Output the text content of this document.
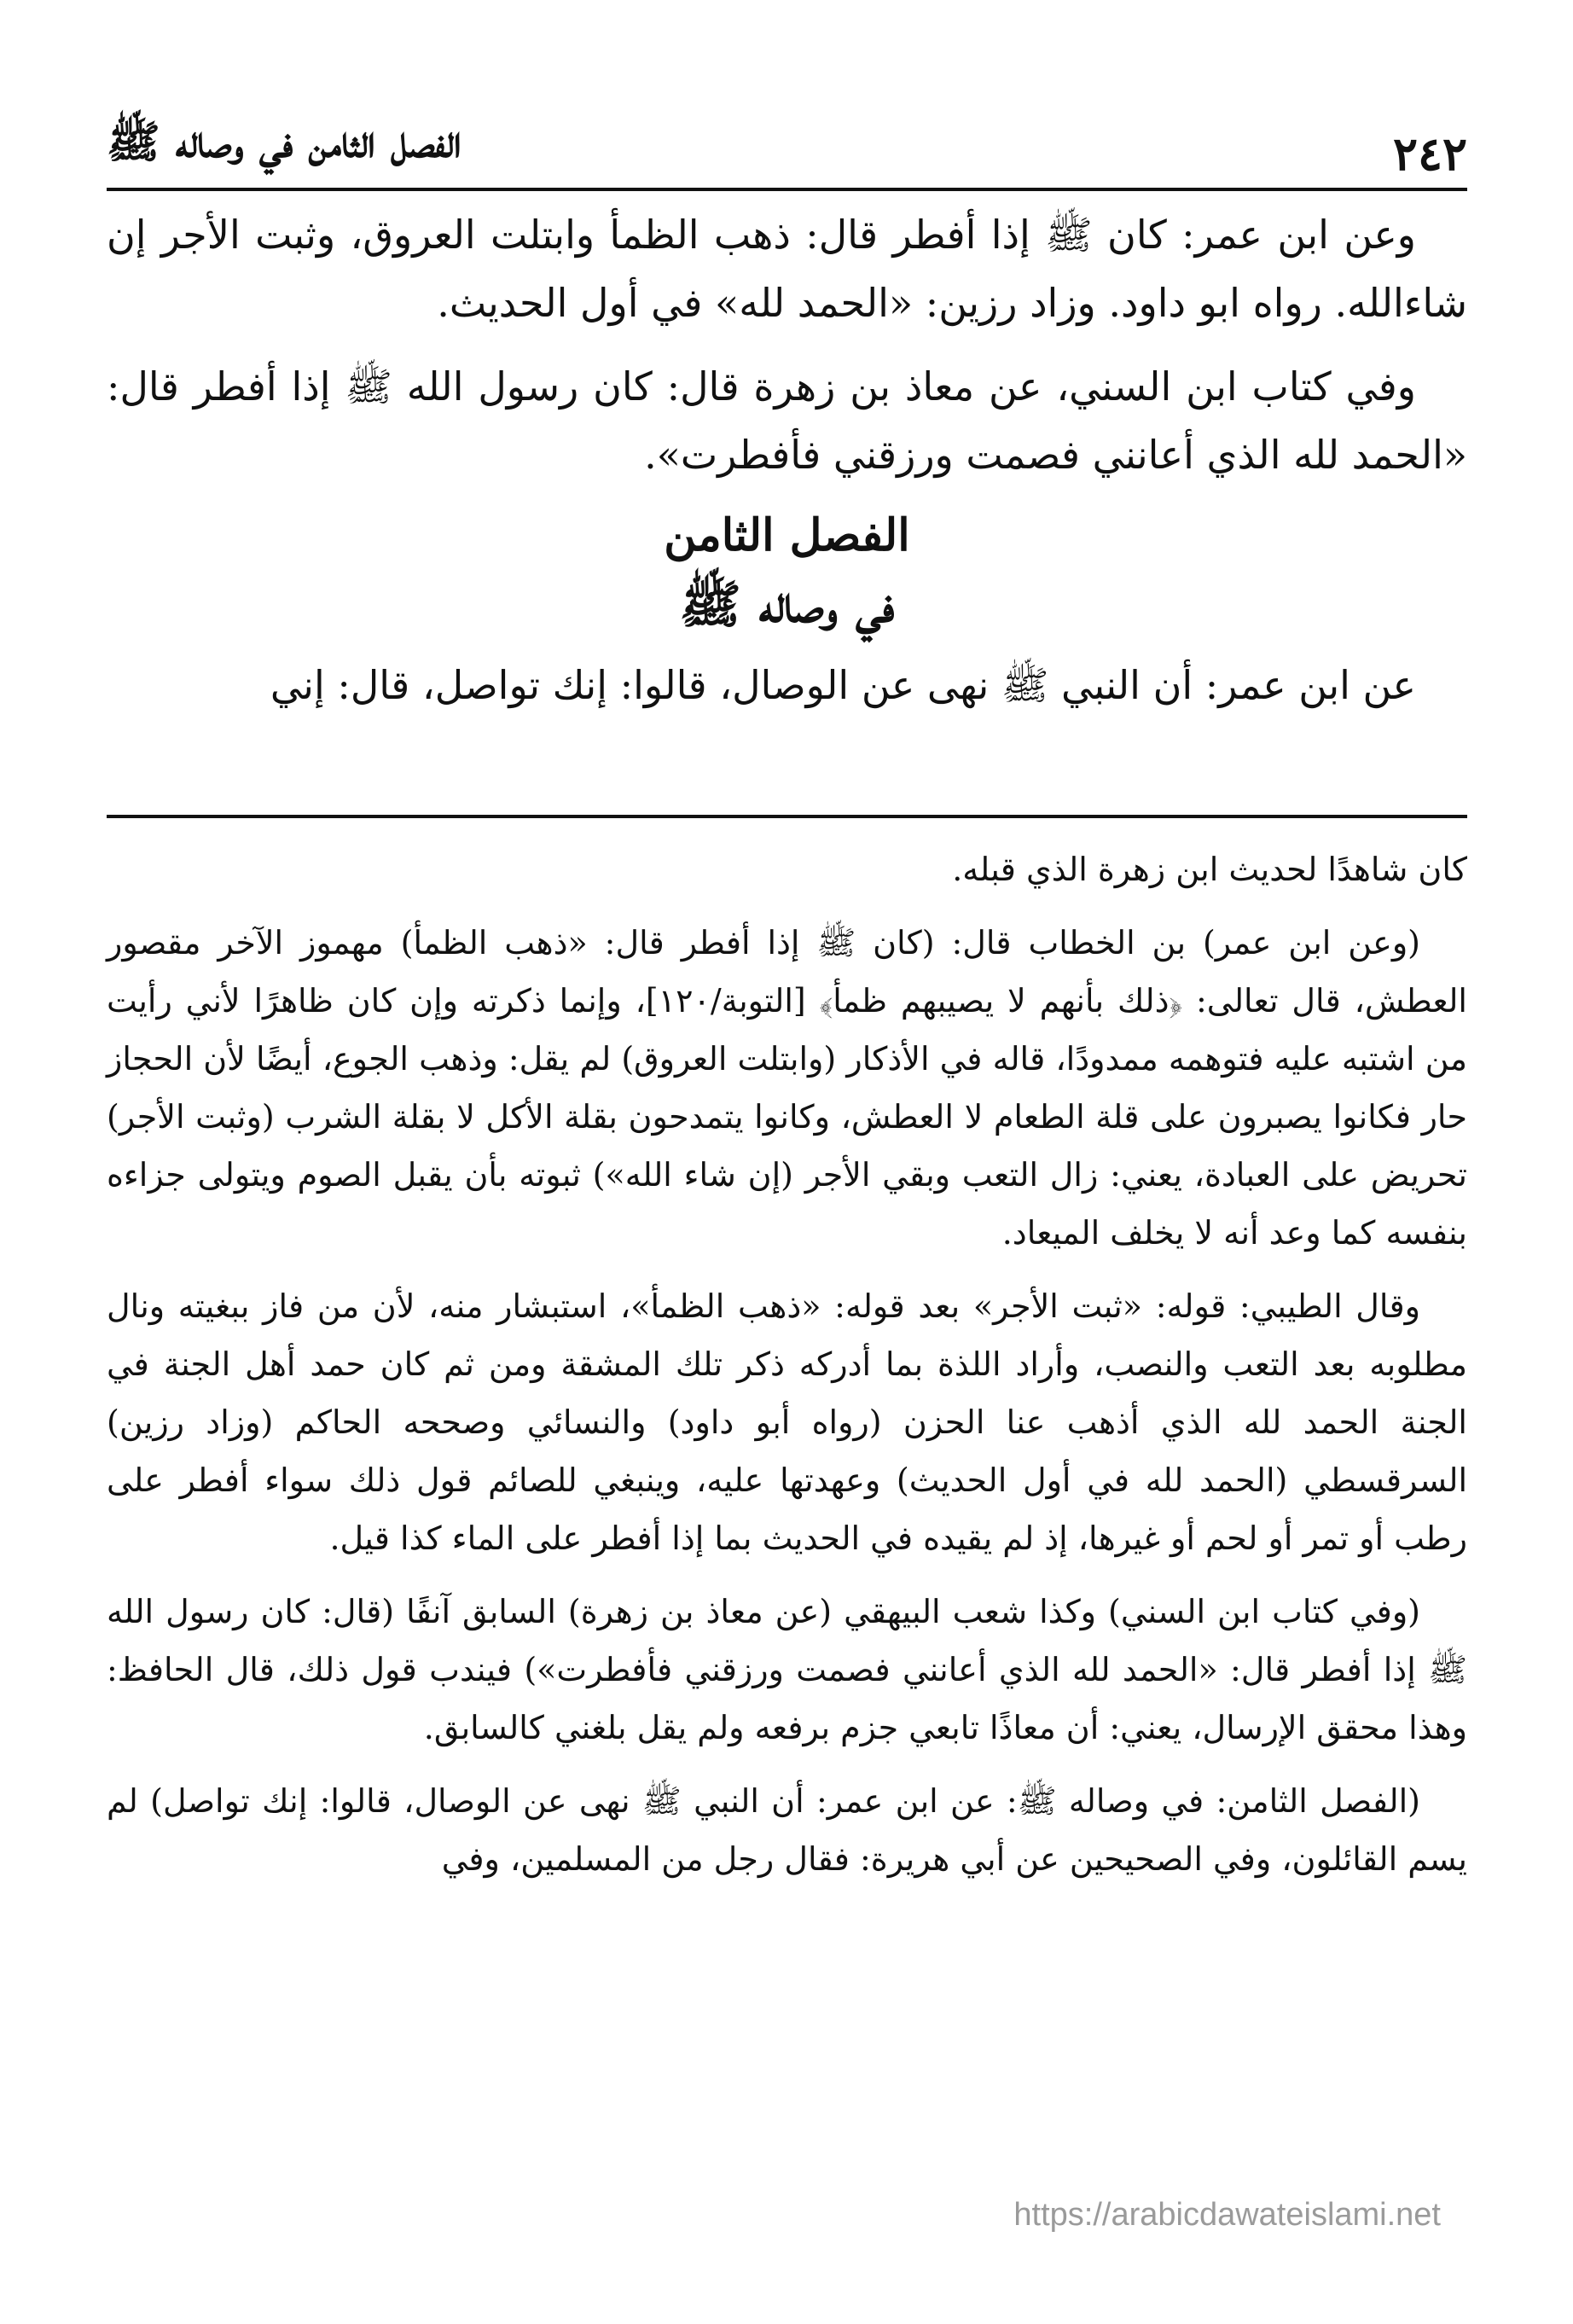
٢٤٢
الفصل الثامن في وصاله ﷺ

وعن ابن عمر: كان ﷺ إذا أفطر قال: ذهب الظمأ وابتلت العروق، وثبت الأجر إن شاءالله. رواه ابو داود. وزاد رزين: «الحمد لله» في أول الحديث.

وفي كتاب ابن السني، عن معاذ بن زهرة قال: كان رسول الله ﷺ إذا أفطر قال: «الحمد لله الذي أعانني فصمت ورزقني فأفطرت».

الفصل الثامن
في وصاله ﷺ

عن ابن عمر: أن النبي ﷺ نهى عن الوصال، قالوا: إنك تواصل، قال: إني

كان شاهدًا لحديث ابن زهرة الذي قبله.

(وعن ابن عمر) بن الخطاب قال: (كان ﷺ إذا أفطر قال: «ذهب الظمأ) مهموز الآخر مقصور العطش، قال تعالى: ﴿ذلك بأنهم لا يصيبهم ظمأ﴾ [التوبة/١٢٠]، وإنما ذكرته وإن كان ظاهرًا لأني رأيت من اشتبه عليه فتوهمه ممدودًا، قاله في الأذكار (وابتلت العروق) لم يقل: وذهب الجوع، أيضًا لأن الحجاز حار فكانوا يصبرون على قلة الطعام لا العطش، وكانوا يتمدحون بقلة الأكل لا بقلة الشرب (وثبت الأجر) تحريض على العبادة، يعني: زال التعب وبقي الأجر (إن شاء الله») ثبوته بأن يقبل الصوم ويتولى جزاءه بنفسه كما وعد أنه لا يخلف الميعاد.

وقال الطيبي: قوله: «ثبت الأجر» بعد قوله: «ذهب الظمأ»، استبشار منه، لأن من فاز ببغيته ونال مطلوبه بعد التعب والنصب، وأراد اللذة بما أدركه ذكر تلك المشقة ومن ثم كان حمد أهل الجنة في الجنة الحمد لله الذي أذهب عنا الحزن (رواه أبو داود) والنسائي وصححه الحاكم (وزاد رزين) السرقسطي (الحمد لله في أول الحديث) وعهدتها عليه، وينبغي للصائم قول ذلك سواء أفطر على رطب أو تمر أو لحم أو غيرها، إذ لم يقيده في الحديث بما إذا أفطر على الماء كذا قيل.

(وفي كتاب ابن السني) وكذا شعب البيهقي (عن معاذ بن زهرة) السابق آنفًا (قال: كان رسول الله ﷺ إذا أفطر قال: «الحمد لله الذي أعانني فصمت ورزقني فأفطرت») فيندب قول ذلك، قال الحافظ: وهذا محقق الإرسال، يعني: أن معاذًا تابعي جزم برفعه ولم يقل بلغني كالسابق.

(الفصل الثامن: في وصاله ﷺ: عن ابن عمر: أن النبي ﷺ نهى عن الوصال، قالوا: إنك تواصل) لم يسم القائلون، وفي الصحيحين عن أبي هريرة: فقال رجل من المسلمين، وفي

https://arabicdawateislami.net
